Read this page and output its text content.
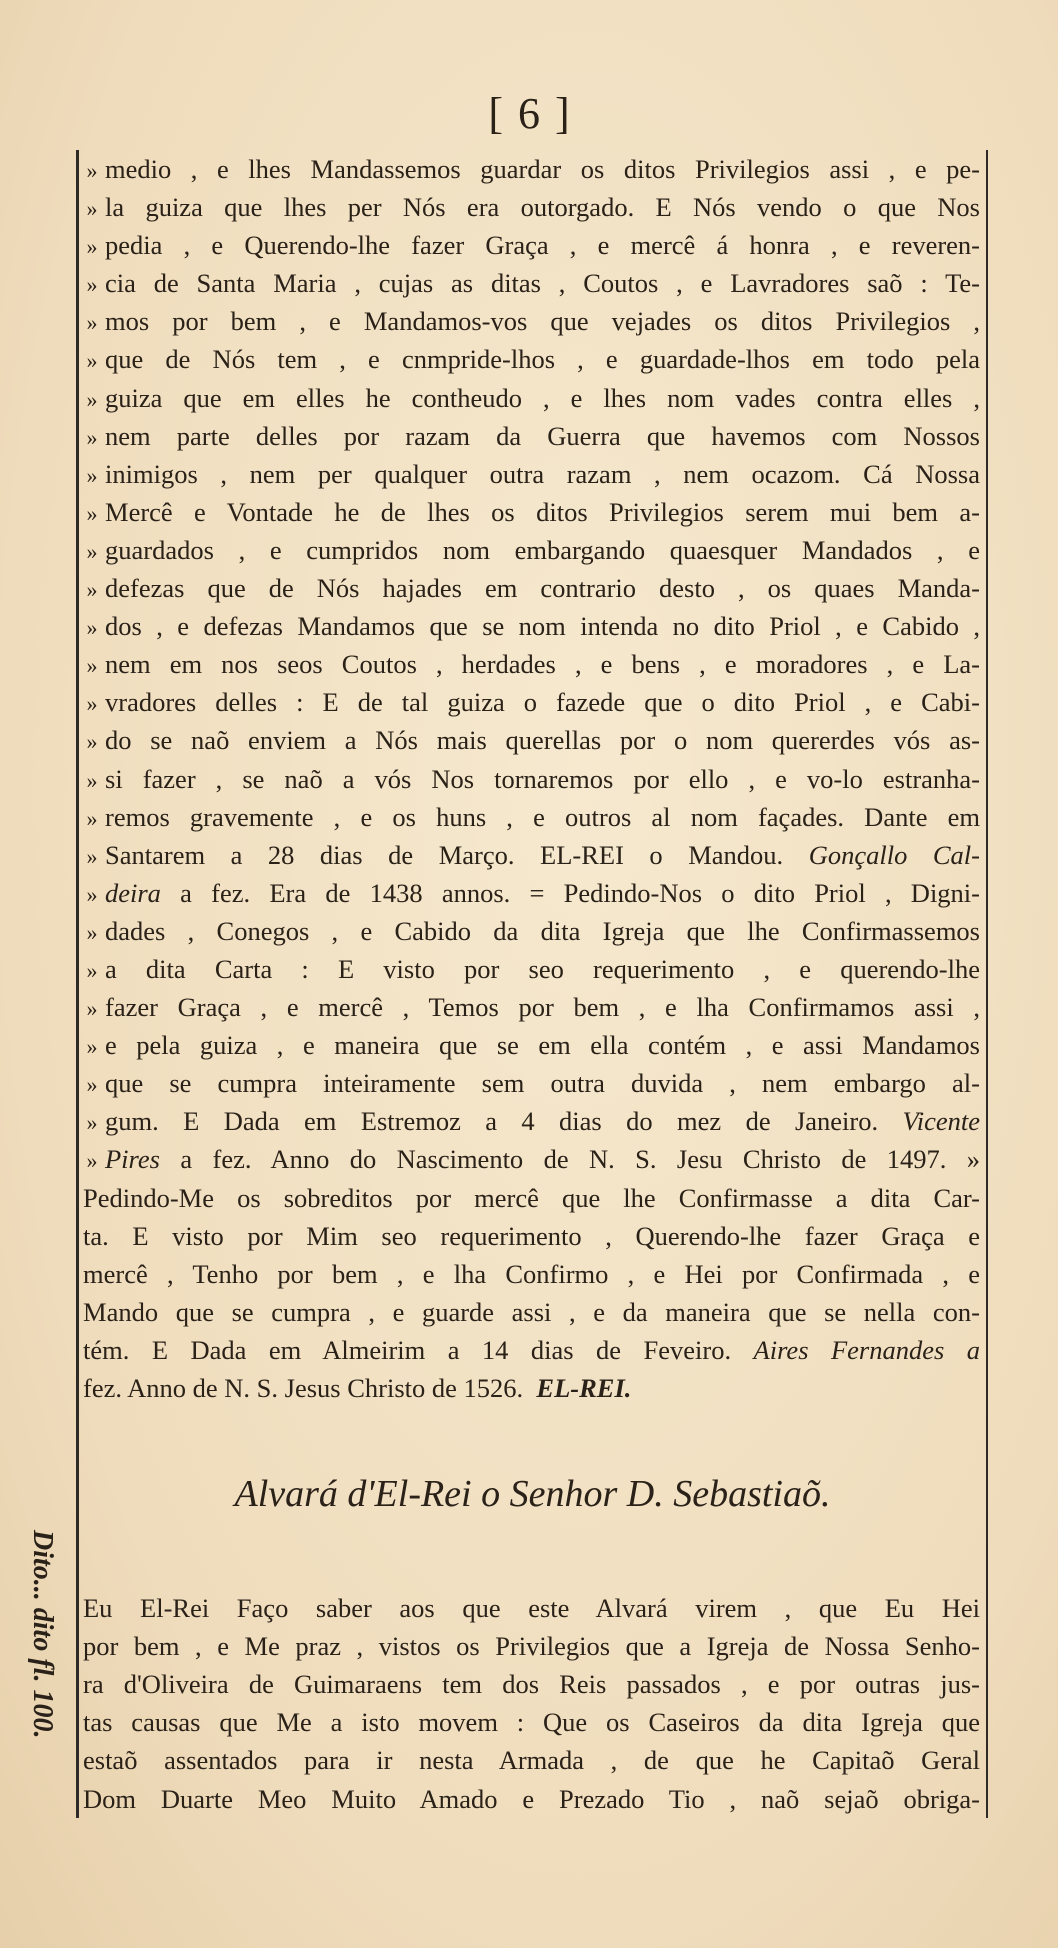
[ 6 ]
» medio , e lhes Mandassemos guardar os ditos Privilegios assi , e pe-
» la guiza que lhes per Nós era outorgado. E Nós vendo o que Nos
» pedia , e Querendo-lhe fazer Graça , e mercê á honra , e reveren-
» cia de Santa Maria , cujas as ditas , Coutos , e Lavradores saõ : Te-
» mos por bem , e Mandamos-vos que vejades os ditos Privilegios ,
» que de Nós tem , e cnmpride-lhos , e guardade-lhos em todo pela
» guiza que em elles he contheudo , e lhes nom vades contra elles ,
» nem parte delles por razam da Guerra que havemos com Nossos
» inimigos , nem per qualquer outra razam , nem ocazom. Cá Nossa
» Mercê e Vontade he de lhes os ditos Privilegios serem mui bem a-
» guardados , e cumpridos nom embargando quaesquer Mandados , e
» defezas que de Nós hajades em contrario desto , os quaes Manda-
» dos , e defezas Mandamos que se nom intenda no dito Priol , e Cabido ,
» nem em nos seos Coutos , herdades , e bens , e moradores , e La-
» vradores delles : E de tal guiza o fazede que o dito Priol , e Cabi-
» do se naõ enviem a Nós mais querellas por o nom quererdes vós as-
» si fazer , se naõ a vós Nos tornaremos por ello , e vo-lo estranha-
» remos gravemente , e os huns , e outros al nom façades. Dante em
» Santarem a 28 dias de Março. EL-REI o Mandou. Gonçallo Cal-
» deira a fez. Era de 1438 annos. = Pedindo-Nos o dito Priol , Digni-
» dades , Conegos , e Cabido da dita Igreja que lhe Confirmassemos
» a dita Carta : E visto por seo requerimento , e querendo-lhe
» fazer Graça , e mercê , Temos por bem , e lha Confirmamos assi ,
» e pela guiza , e maneira que se em ella contém , e assi Mandamos
» que se cumpra inteiramente sem outra duvida , nem embargo al-
» gum. E Dada em Estremoz a 4 dias do mez de Janeiro. Vicente
» Pires a fez. Anno do Nascimento de N. S. Jesu Christo de 1497. »
Pedindo-Me os sobreditos por mercê que lhe Confirmasse a dita Car-
ta. E visto por Mim seo requerimento , Querendo-lhe fazer Graça e
mercê , Tenho por bem , e lha Confirmo , e Hei por Confirmada , e
Mando que se cumpra , e guarde assi , e da maneira que se nella con-
tém. E Dada em Almeirim a 14 dias de Feveiro. Aires Fernandes a
fez. Anno de N. S. Jesus Christo de 1526. EL-REI.
Alvará d'El-Rei o Senhor D. Sebastiaõ.
Eu El-Rei Faço saber aos que este Alvará virem , que Eu Hei
por bem , e Me praz , vistos os Privilegios que a Igreja de Nossa Senho-
ra d'Oliveira de Guimaraens tem dos Reis passados , e por outras jus-
tas causas que Me a isto movem : Que os Caseiros da dita Igreja que
estaõ assentados para ir nesta Armada , de que he Capitaõ Geral
Dom Duarte Meo Muito Amado e Prezado Tio , naõ sejaõ obriga-
Dito... dito fl. 100.
